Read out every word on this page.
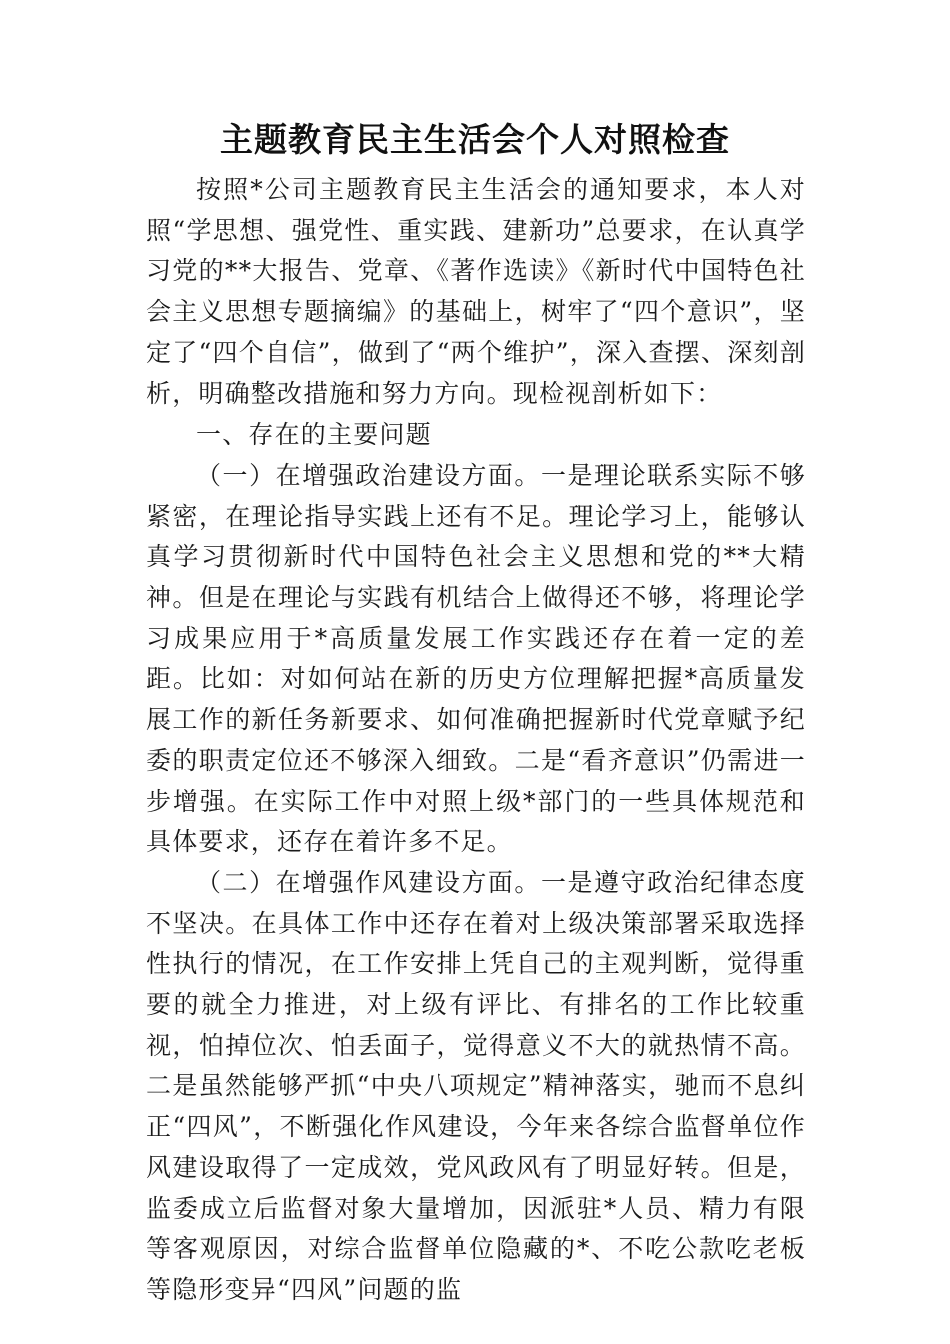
主题教育民主生活会个人对照检查

按照*公司主题教育民主生活会的通知要求，本人对照“学思想、强党性、重实践、建新功”总要求，在认真学习党的**大报告、党章、《著作选读》《新时代中国特色社会主义思想专题摘编》的基础上，树牢了“四个意识”，坚定了“四个自信”，做到了“两个维护”，深入查摆、深刻剖析，明确整改措施和努力方向。现检视剖析如下：

一、存在的主要问题

（一）在增强政治建设方面。一是理论联系实际不够紧密，在理论指导实践上还有不足。理论学习上，能够认真学习贯彻新时代中国特色社会主义思想和党的**大精神。但是在理论与实践有机结合上做得还不够，将理论学习成果应用于*高质量发展工作实践还存在着一定的差距。比如：对如何站在新的历史方位理解把握*高质量发展工作的新任务新要求、如何准确把握新时代党章赋予纪委的职责定位还不够深入细致。二是“看齐意识”仍需进一步增强。在实际工作中对照上级*部门的一些具体规范和具体要求，还存在着许多不足。

（二）在增强作风建设方面。一是遵守政治纪律态度不坚决。在具体工作中还存在着对上级决策部署采取选择性执行的情况，在工作安排上凭自己的主观判断，觉得重要的就全力推进，对上级有评比、有排名的工作比较重视，怕掉位次、怕丢面子，觉得意义不大的就热情不高。二是虽然能够严抓“中央八项规定”精神落实，驰而不息纠正“四风”，不断强化作风建设，今年来各综合监督单位作风建设取得了一定成效，党风政风有了明显好转。但是，监委成立后监督对象大量增加，因派驻*人员、精力有限等客观原因，对综合监督单位隐藏的*、不吃公款吃老板等隐形变异“四风”问题的监
